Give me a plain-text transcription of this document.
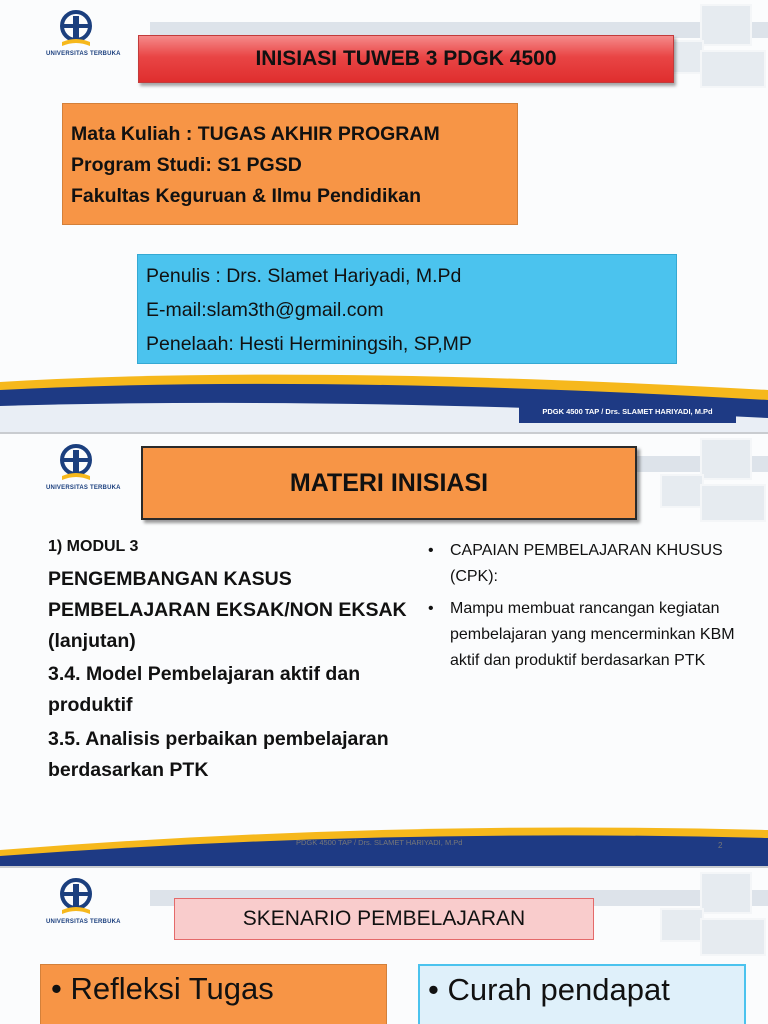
UNIVERSITAS TERBUKA	INISIASI TUWEB 3 PDGK 4500
Mata Kuliah : TUGAS AKHIR PROGRAM
Program Studi: S1 PGSD
Fakultas Keguruan & Ilmu Pendidikan
Penulis : Drs. Slamet Hariyadi, M.Pd
E-mail:slam3th@gmail.com
Penelaah: Hesti Herminingsih, SP,MP
PDGK 4500 TAP / Drs. SLAMET HARIYADI, M.Pd
UNIVERSITAS TERBUKA	MATERI INISIASI
1) MODUL 3
PENGEMBANGAN KASUS PEMBELAJARAN EKSAK/NON EKSAK (lanjutan)
3.4. Model Pembelajaran aktif dan produktif
3.5. Analisis perbaikan pembelajaran berdasarkan PTK
• CAPAIAN PEMBELAJARAN KHUSUS (CPK):
• Mampu membuat rancangan kegiatan pembelajaran yang mencerminkan KBM aktif dan produktif berdasarkan PTK
PDGK 4500 TAP / Drs. SLAMET HARIYADI, M.Pd	2
UNIVERSITAS TERBUKA	SKENARIO PEMBELAJARAN
• Refleksi Tugas	• Curah pendapat
